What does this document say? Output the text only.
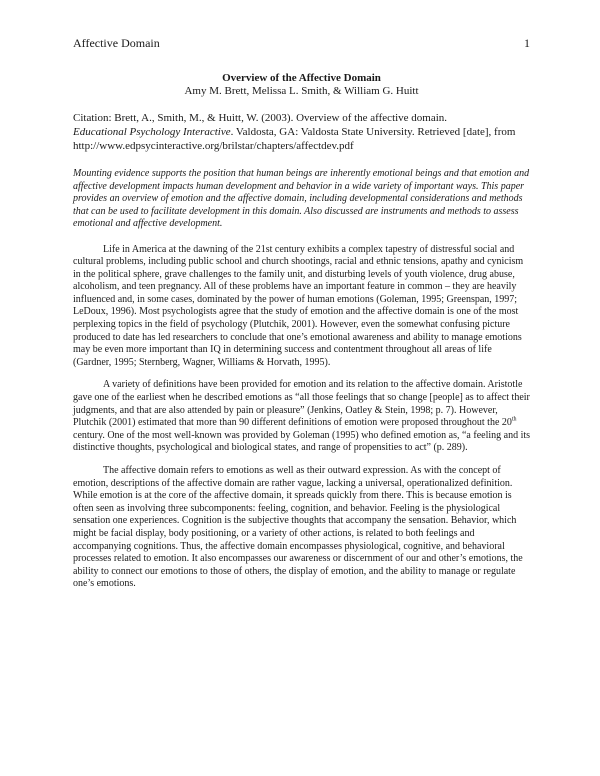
Affective Domain	1
Overview of the Affective Domain
Amy M. Brett, Melissa L. Smith, & William G. Huitt
Citation: Brett, A., Smith, M., & Huitt, W. (2003). Overview of the affective domain.
Educational Psychology Interactive. Valdosta, GA: Valdosta State University. Retrieved [date], from http://www.edpsycinteractive.org/brilstar/chapters/affectdev.pdf
Mounting evidence supports the position that human beings are inherently emotional beings and that emotion and affective development impacts human development and behavior in a wide variety of important ways. This paper provides an overview of emotion and the affective domain, including developmental considerations and methods that can be used to facilitate development in this domain. Also discussed are instruments and methods to assess emotional and affective development.

Life in America at the dawning of the 21st century exhibits a complex tapestry of distressful social and cultural problems, including public school and church shootings, racial and ethnic tensions, apathy and cynicism in the political sphere, grave challenges to the family unit, and disturbing levels of youth violence, drug abuse, alcoholism, and teen pregnancy. All of these problems have an important feature in common – they are heavily influenced and, in some cases, dominated by the power of human emotions (Goleman, 1995; Greenspan, 1997; LeDoux, 1996). Most psychologists agree that the study of emotion and the affective domain is one of the most perplexing topics in the field of psychology (Plutchik, 2001). However, even the somewhat confusing picture produced to date has led researchers to conclude that one’s emotional awareness and ability to manage emotions may be even more important than IQ in determining success and contentment throughout all areas of life (Gardner, 1995; Sternberg, Wagner, Williams & Horvath, 1995).

A variety of definitions have been provided for emotion and its relation to the affective domain. Aristotle gave one of the earliest when he described emotions as “all those feelings that so change [people] as to affect their judgments, and that are also attended by pain or pleasure” (Jenkins, Oatley & Stein, 1998; p. 7). However, Plutchik (2001) estimated that more than 90 different definitions of emotion were proposed throughout the 20th century. One of the most well-known was provided by Goleman (1995) who defined emotion as, “a feeling and its distinctive thoughts, psychological and biological states, and range of propensities to act” (p. 289).

The affective domain refers to emotions as well as their outward expression. As with the concept of emotion, descriptions of the affective domain are rather vague, lacking a universal, operationalized definition. While emotion is at the core of the affective domain, it spreads quickly from there. This is because emotion is often seen as involving three subcomponents: feeling, cognition, and behavior. Feeling is the physiological sensation one experiences. Cognition is the subjective thoughts that accompany the sensation. Behavior, which might be facial display, body positioning, or a variety of other actions, is related to both feelings and accompanying cognitions. Thus, the affective domain encompasses physiological, cognitive, and behavioral processes related to emotion. It also encompasses our awareness or discernment of our and other’s emotions, the ability to connect our emotions to those of others, the display of emotion, and the ability to manage or regulate one’s emotions.
